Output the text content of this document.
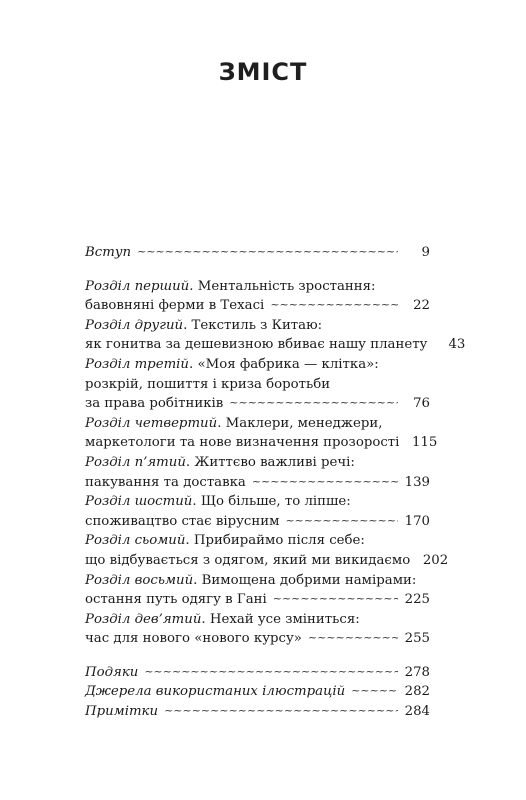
ЗМІСТ
Вступ ~~~~~	9
Розділ перший. Ментальність зростання:
бавовняні ферми в Техасі ~~~~~	22
Розділ другий. Текстиль з Китаю:
як гонитва за дешевизною вбиває нашу планету	43
Розділ третій. «Моя фабрика — клітка»:
розкрій, пошиття і криза боротьби
за права робітників ~~~~~	76
Розділ четвертий. Маклери, менеджери,
маркетологи та нове визначення прозорості 115
Розділ п’ятий. Життєво важливі речі:
пакування та доставка ~~~~~	139
Розділ шостий. Що більше, то ліпше:
споживацтво стає вірусним ~~~~~	170
Розділ сьомий. Прибираймо після себе:
що відбувається з одягом, який ми викидаємо 202
Розділ восьмий. Вимощена добрими намірами:
остання путь одягу в Гані ~~~~~	225
Розділ дев’ятий. Нехай усе зміниться:
час для нового «нового курсу» ~~~~~	255
Подяки ~~~~~	278
Джерела використаних ілюстрацій ~~~~~	282
Примітки ~~~~~	284
